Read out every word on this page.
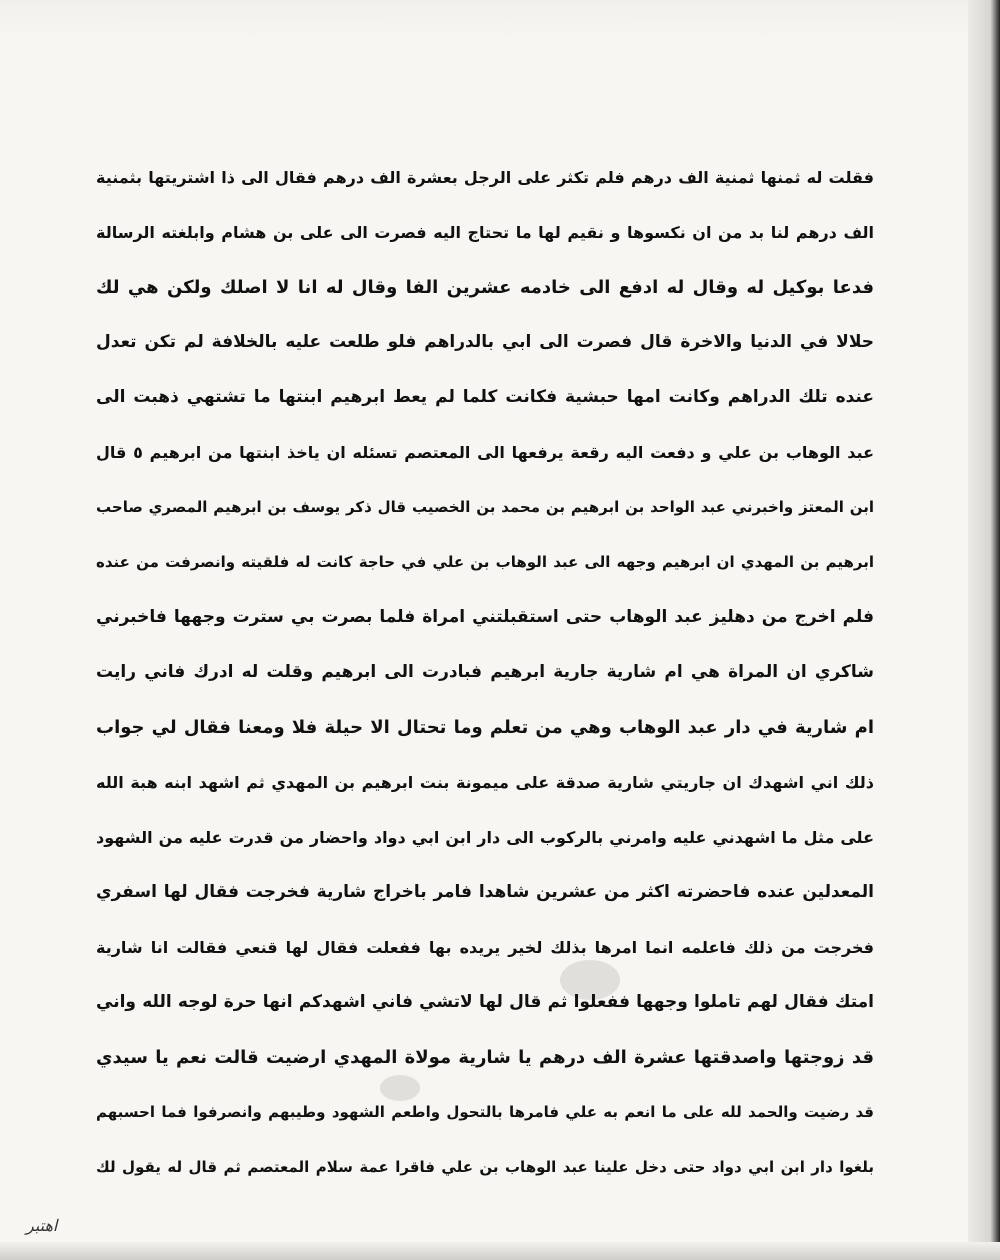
فقلت له ثمنها ثمنية الف درهم فلم تكثر على الرجل بعشرة الف درهم فقال الى ذا اشتريتها بثمنية
الف درهم لنا بد من ان نكسوها و نقيم لها ما تحتاج اليه فصرت الى على بن هشام وابلغته الرسالة
فدعا بوكيل له وقال له ادفع الى خادمه عشرين الفا وقال له انا لا اصلك ولكن هي لك
حلالا في الدنيا والاخرة قال فصرت الى ابي بالدراهم فلو طلعت عليه بالخلافة لم تكن تعدل
عنده تلك الدراهم وكانت امها حبشية فكانت كلما لم يعط ابرهيم ابنتها ما تشتهي ذهبت الى
عبد الوهاب بن علي و دفعت اليه رقعة يرفعها الى المعتصم تسئله ان ياخذ ابنتها من ابرهيم ٥ قال
ابن المعتز واخبرني عبد الواحد بن ابرهيم بن محمد بن الخصيب قال ذكر يوسف بن ابرهيم المصري صاحب
ابرهيم بن المهدي ان ابرهيم وجهه الى عبد الوهاب بن علي في حاجة كانت له فلقيته وانصرفت من عنده
فلم اخرج من دهليز عبد الوهاب حتى استقبلتني امراة فلما بصرت بي سترت وجهها فاخبرني
شاكري ان المراة هي ام شارية جارية ابرهيم فبادرت الى ابرهيم وقلت له ادرك فاني رايت
ام شارية في دار عبد الوهاب وهي من تعلم وما تحتال الا حيلة فلا ومعنا فقال لي جواب
ذلك اني اشهدك ان جاريتي شارية صدقة على ميمونة بنت ابرهيم بن المهدي ثم اشهد ابنه هبة الله
على مثل ما اشهدني عليه وامرني بالركوب الى دار ابن ابي دواد واحضار من قدرت عليه من الشهود
المعدلين عنده فاحضرته اكثر من عشرين شاهدا فامر باخراج شارية فخرجت فقال لها اسفري
فخرجت من ذلك فاعلمه انما امرها بذلك لخير يريده بها ففعلت فقال لها قنعي فقالت انا شارية
امتك فقال لهم تاملوا وجهها ففعلوا ثم قال لها لاتشي فاني اشهدكم انها حرة لوجه الله واني
قد زوجتها واصدقتها عشرة الف درهم يا شارية مولاة المهدي ارضيت قالت نعم يا سيدي
قد رضيت والحمد لله على ما انعم به علي فامرها بالتحول واطعم الشهود وطيبهم وانصرفوا فما احسبهم
بلغوا دار ابن ابي دواد حتى دخل علينا عبد الوهاب بن علي فاقرا عمة سلام المعتصم ثم قال له يقول لك
اهتبر
